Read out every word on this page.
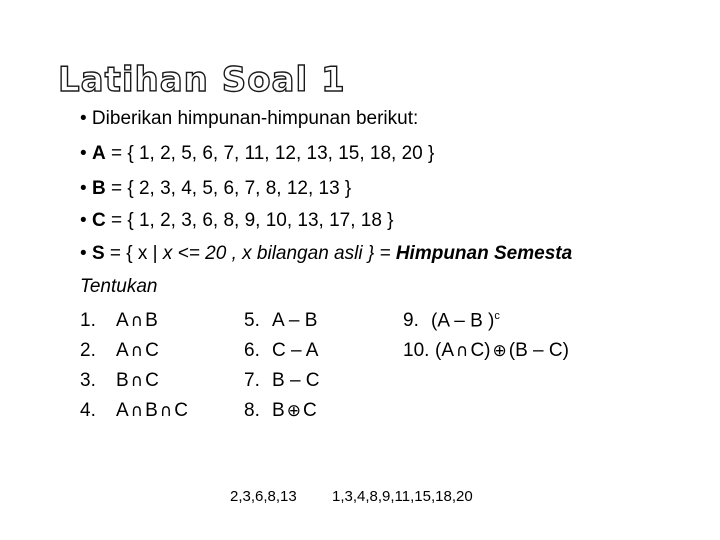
Latihan Soal 1
• Diberikan himpunan-himpunan berikut:
• A = { 1, 2, 5, 6, 7, 11, 12, 13, 15, 18, 20 }
• B = { 2, 3, 4, 5, 6, 7, 8, 12, 13 }
• C = { 1, 2, 3, 6, 8, 9, 10, 13, 17, 18 }
• S = { x | x <= 20 , x bilangan asli } = Himpunan Semesta
Tentukan
1. A ∩ B
2. A ∩ C
3. B ∩ C
4. A ∩ B ∩ C
5. A – B
6. C – A
7. B – C
8. B ⊕ C
9. (A – B )$^c$
10. (A ∩ C) ⊕ (B – C)
2,3,6,8,13 1,3,4,8,9,11,15,18,20
